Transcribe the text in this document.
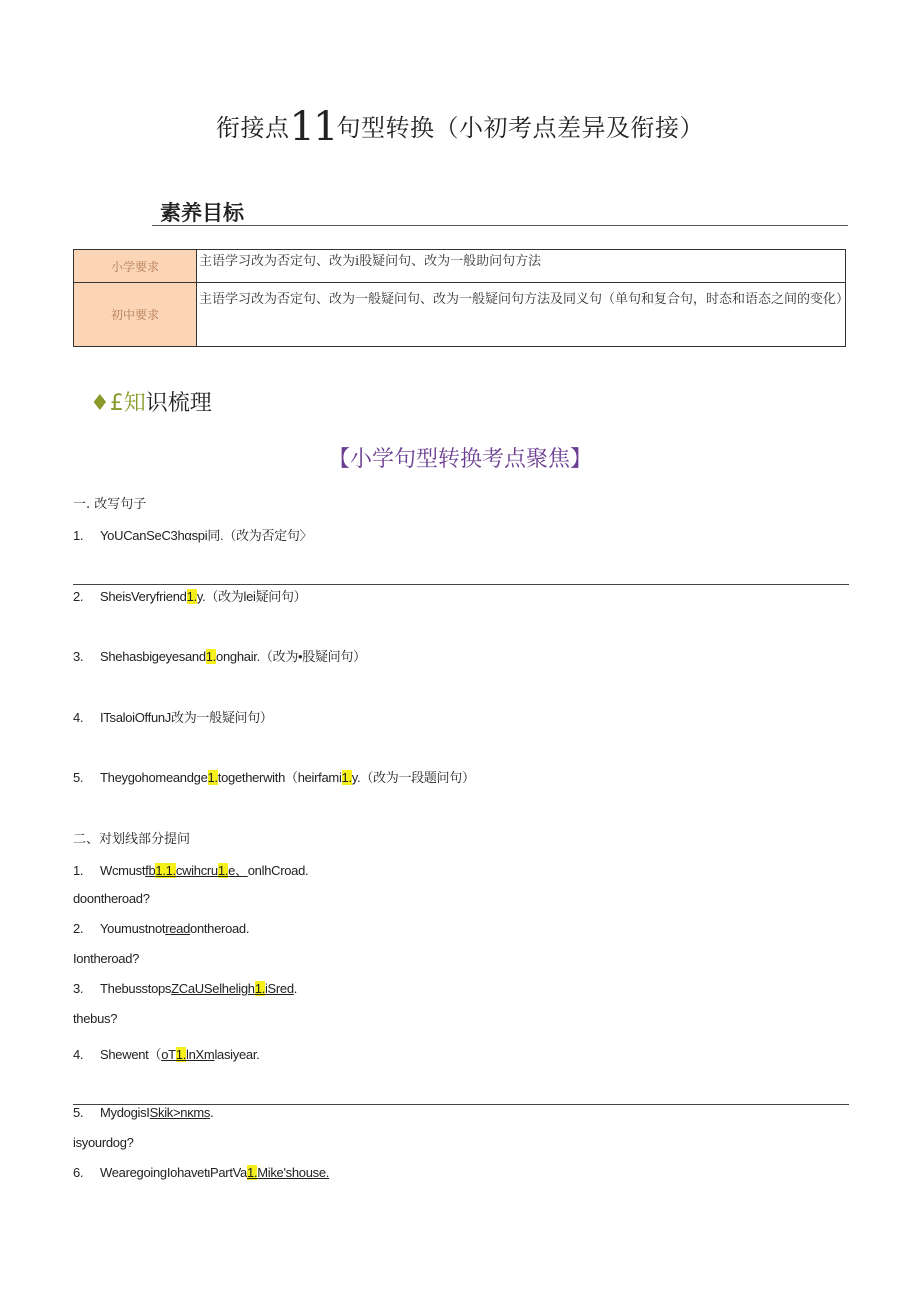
衔接点11句型转换（小初考点差异及衔接）
素养目标
小学要求	主语学习改为否定句、改为i股疑问句、改为一般助问句方法
初中要求	主语学习改为否定句、改为一般疑问句、改为一般疑问句方法及同义句（单句和复合句，时态和语态之间的变化）
♦£知识梳理
【小学句型转换考点聚焦】
一. 改写句子
1. YoUCanSeC3hαspi同.（改为否定句〉
2. SheisVeryfriend1.y.（改为lei疑问句）
3. Shehasbigeyesand1.onghair.（改为•股疑问句）
4. ITsaloiOffunJ改为一般疑问句）
5. Theygohomeandge1.togetherwith（heirfami1.y.（改为一段题问句）
二、对划线部分提问
1. Wcmustfb1.1.cwihcru1.e、onlhCroad.
doontheroad?
2. Youmustnotreadontheroad.
Iontheroad?
3. ThebusstopsZCaUSelheligh1.iSred.
thebus?
4. Shewent（oT1.lnXmlasiyear.
5. MydogisISkik>nκms.
isyourdog?
6. WearegoingIohavetιPartVa1.Mike'shouse.
